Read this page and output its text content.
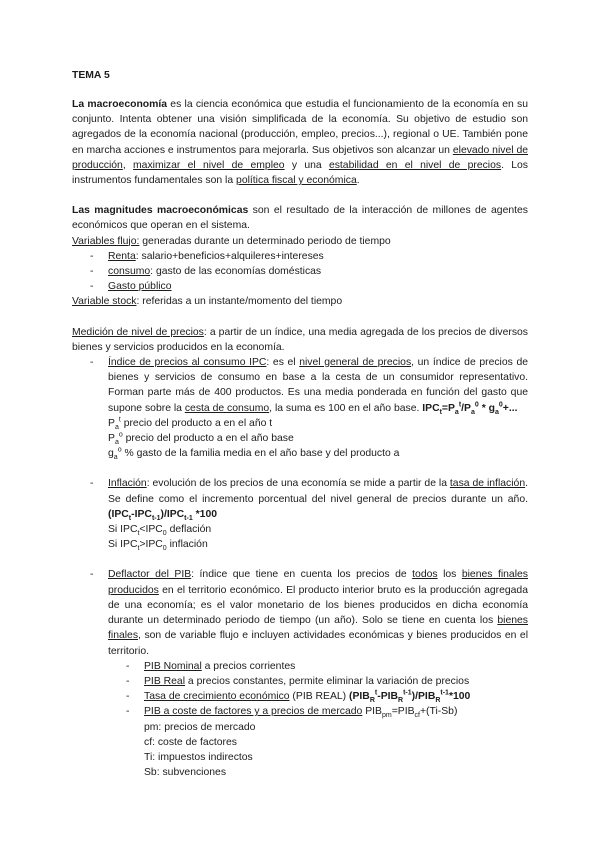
TEMA 5

La macroeconomía es la ciencia económica que estudia el funcionamiento de la economía en su conjunto. Intenta obtener una visión simplificada de la economía. Su objetivo de estudio son agregados de la economía nacional (producción, empleo, precios...), regional o UE. También pone en marcha acciones e instrumentos para mejorarla. Sus objetivos son alcanzar un elevado nivel de producción, maximizar el nivel de empleo y una estabilidad en el nivel de precios. Los instrumentos fundamentales son la política fiscal y económica.

Las magnitudes macroeconómicas son el resultado de la interacción de millones de agentes económicos que operan en el sistema.

Variables flujo: generadas durante un determinado periodo de tiempo

- Renta: salario+beneficios+alquileres+intereses
- consumo: gasto de las economías domésticas
- Gasto público

Variable stock: referidas a un instante/momento del tiempo

Medición de nivel de precios: a partir de un índice, una media agregada de los precios de diversos bienes y servicios producidos en la economía.

- Índice de precios al consumo IPC: es el nivel general de precios, un índice de precios de bienes y servicios de consumo en base a la cesta de un consumidor representativo. Forman parte más de 400 productos. Es una media ponderada en función del gasto que supone sobre la cesta de consumo, la suma es 100 en el año base. $IPC_t=P_a^t/P_a^0 * g_a^0+$...
$P_a^t$ precio del producto a en el año t
$P_a^o$ precio del producto a en el año base
$g_a^o$ % gasto de la familia media en el año base y del producto a
- Inflación: evolución de los precios de una economía se mide a partir de la tasa de inflación. Se define como el incremento porcentual del nivel general de precios durante un año. $(IPC_t-IPC_{t-1})/IPC_{t-1}$ *100
Si $IPC_t<IPC_0$ deflación
Si $IPC_t>IPC_0$ inflación
- Deflactor del PIB: índice que tiene en cuenta los precios de todos los bienes finales producidos en el territorio económico. El producto interior bruto es la producción agregada de una economía; es el valor monetario de los bienes producidos en dicha economía durante un determinado periodo de tiempo (un año). Solo se tiene en cuenta los bienes finales, son de variable flujo e incluyen actividades económicas y bienes producidos en el territorio.
- PIB Nominal a precios corrientes
- PIB Real a precios constantes, permite eliminar la variación de precios
- Tasa de crecimiento económico (PIB REAL) $(PIB_R^t-PIB_R^{t-1})/PIB_R^{t-1}*100$
- PIB a coste de factores y a precios de mercado $PIB_{pm}=PIB_{cf}+(Ti-Sb)$

pm: precios de mercado

cf: coste de factores

Ti: impuestos indirectos

Sb: subvenciones
